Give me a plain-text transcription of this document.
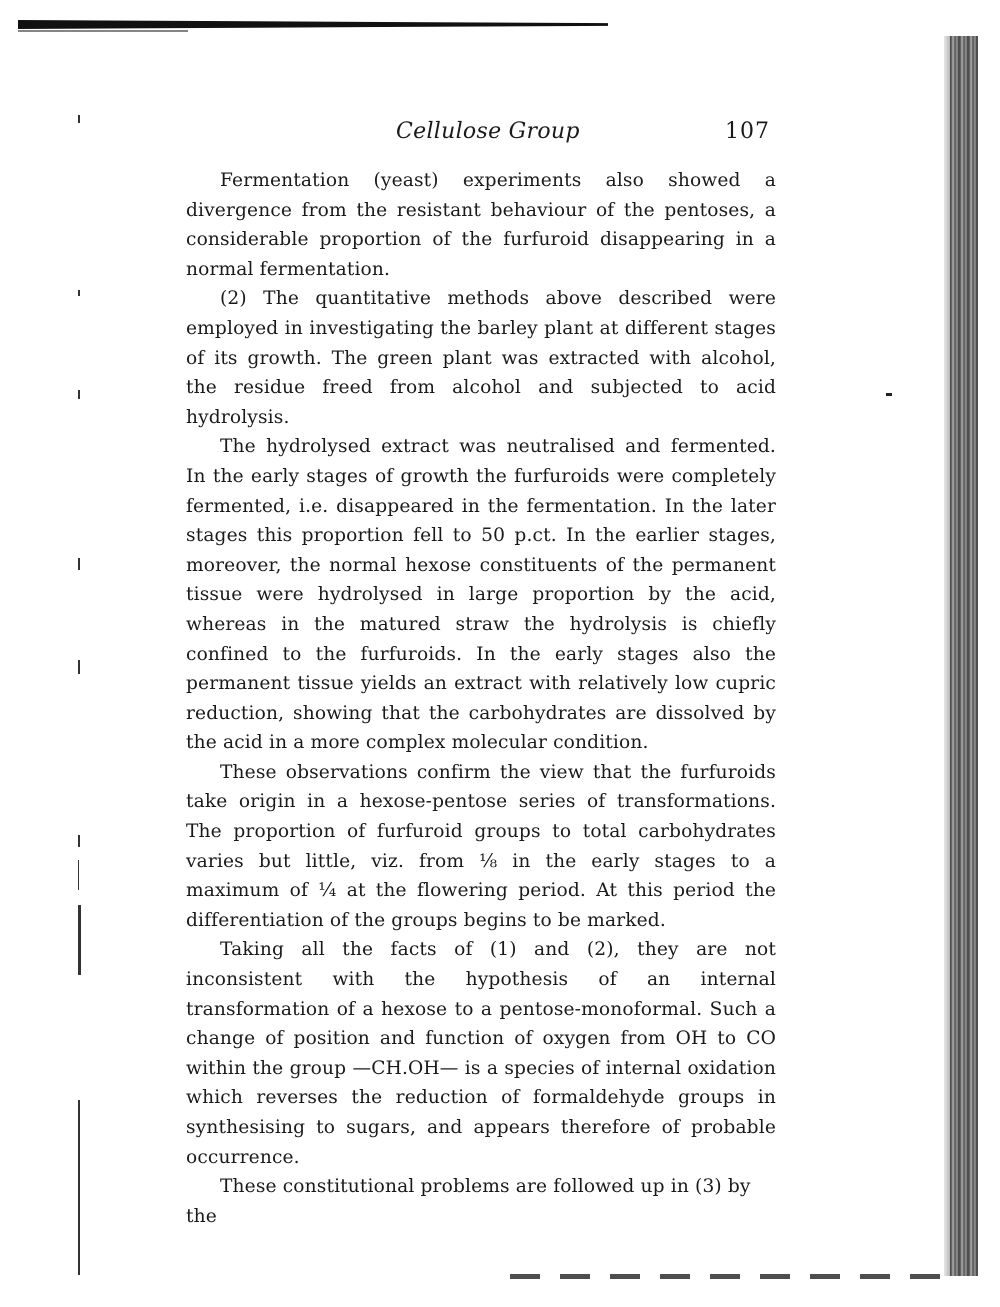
Cellulose Group	107

Fermentation (yeast) experiments also showed a divergence from the resistant behaviour of the pentoses, a considerable proportion of the furfuroid disappearing in a normal fermentation.

(2) The quantitative methods above described were employed in investigating the barley plant at different stages of its growth. The green plant was extracted with alcohol, the residue freed from alcohol and subjected to acid hydrolysis.

The hydrolysed extract was neutralised and fermented. In the early stages of growth the furfuroids were completely fermented, i.e. disappeared in the fermentation. In the later stages this proportion fell to 50 p.ct. In the earlier stages, moreover, the normal hexose constituents of the permanent tissue were hydrolysed in large proportion by the acid, whereas in the matured straw the hydrolysis is chiefly confined to the furfuroids. In the early stages also the permanent tissue yields an extract with relatively low cupric reduction, showing that the carbohydrates are dissolved by the acid in a more complex molecular condition.

These observations confirm the view that the furfuroids take origin in a hexose-pentose series of transformations. The proportion of furfuroid groups to total carbohydrates varies but little, viz. from ⅛ in the early stages to a maximum of ¼ at the flowering period. At this period the differentiation of the groups begins to be marked.

Taking all the facts of (1) and (2), they are not inconsistent with the hypothesis of an internal transformation of a hexose to a pentose-monoformal. Such a change of position and function of oxygen from OH to CO within the group —CH.OH— is a species of internal oxidation which reverses the reduction of formaldehyde groups in synthesising to sugars, and appears therefore of probable occurrence.

These constitutional problems are followed up in (3) by the
